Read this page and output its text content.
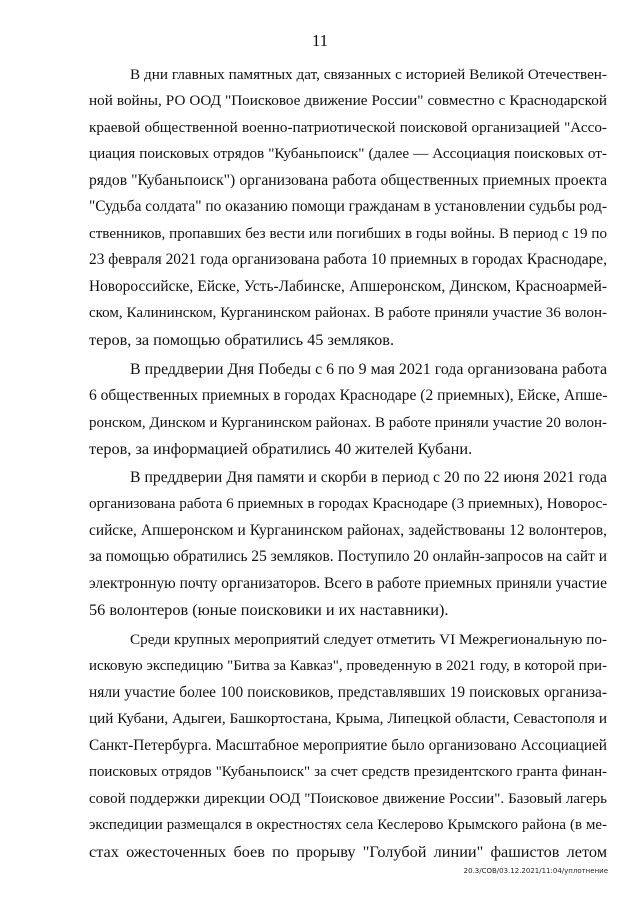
11
В дни главных памятных дат, связанных с историей Великой Отечествен-
ной войны, РО ООД "Поисковое движение России" совместно с Краснодарской
краевой общественной военно-патриотической поисковой организацией "Ассо-
циация поисковых отрядов "Кубаньпоиск" (далее — Ассоциация поисковых от-
рядов "Кубаньпоиск") организована работа общественных приемных проекта
"Судьба солдата" по оказанию помощи гражданам в установлении судьбы род-
ственников, пропавших без вести или погибших в годы войны. В период с 19 по
23 февраля 2021 года организована работа 10 приемных в городах Краснодаре,
Новороссийске, Ейске, Усть-Лабинске, Апшеронском, Динском, Красноармей-
ском, Калининском, Курганинском районах. В работе приняли участие 36 волон-
теров, за помощью обратились 45 земляков.
В преддверии Дня Победы с 6 по 9 мая 2021 года организована работа
6 общественных приемных в городах Краснодаре (2 приемных), Ейске, Апше-
ронском, Динском и Курганинском районах. В работе приняли участие 20 волон-
теров, за информацией обратились 40 жителей Кубани.
В преддверии Дня памяти и скорби в период с 20 по 22 июня 2021 года
организована работа 6 приемных в городах Краснодаре (3 приемных), Новорос-
сийске, Апшеронском и Курганинском районах, задействованы 12 волонтеров,
за помощью обратились 25 земляков. Поступило 20 онлайн-запросов на сайт и
электронную почту организаторов. Всего в работе приемных приняли участие
56 волонтеров (юные поисковики и их наставники).
Среди крупных мероприятий следует отметить VI Межрегиональную по-
исковую экспедицию "Битва за Кавказ", проведенную в 2021 году, в которой при-
няли участие более 100 поисковиков, представлявших 19 поисковых организа-
ций Кубани, Адыгеи, Башкортостана, Крыма, Липецкой области, Севастополя и
Санкт-Петербурга. Масштабное мероприятие было организовано Ассоциацией
поисковых отрядов "Кубаньпоиск" за счет средств президентского гранта финан-
совой поддержки дирекции ООД "Поисковое движение России". Базовый лагерь
экспедиции размещался в окрестностях села Кеслерово Крымского района (в ме-
стах ожесточенных боев по прорыву "Голубой линии" фашистов летом
20.3/СОВ/03.12.2021/11:04/уплотнение
